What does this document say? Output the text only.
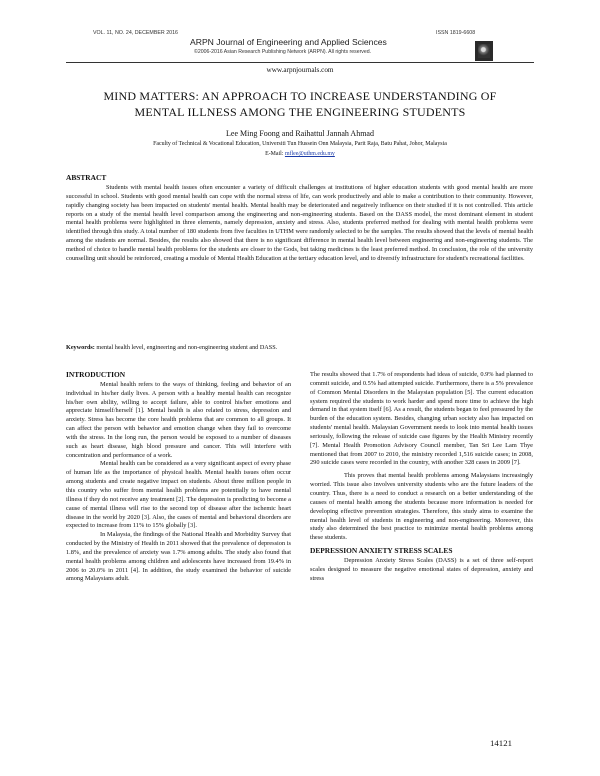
VOL. 11, NO. 24, DECEMBER 2016	ISSN 1819-6608
ARPN Journal of Engineering and Applied Sciences
©2006-2016 Asian Research Publishing Network (ARPN). All rights reserved.
www.arpnjournals.com
MIND MATTERS: AN APPROACH TO INCREASE UNDERSTANDING OF
MENTAL ILLNESS AMONG THE ENGINEERING STUDENTS
Lee Ming Foong and Raihattul Jannah Ahmad
Faculty of Technical & Vocational Education, Universiti Tun Hussein Onn Malaysia, Parit Raja, Batu Pahat, Johor, Malaysia
E-Mail: mflee@uthm.edu.my
ABSTRACT
Students with mental health issues often encounter a variety of difficult challenges at institutions of higher education students with good mental health are more successful in school. Students with good mental health can cope with the normal stress of life, can work productively and able to make a contribution to their community. However, rapidly changing society has been impacted on students' mental health. Mental health may be deteriorated and negatively influence on their studied if it is not controlled. This article reports on a study of the mental health level comparison among the engineering and non-engineering students. Based on the DASS model, the most dominant element in student mental health problems were highlighted in three elements, namely depression, anxiety and stress. Also, students preferred method for dealing with mental health problems were identified through this study. A total number of 180 students from five faculties in UTHM were randomly selected to be the samples. The results showed that the levels of mental health among the students are normal. Besides, the results also showed that there is no significant difference in mental health level between engineering and non-engineering students. The method of choice to handle mental health problems for the students are closer to the Gods, but taking medicines is the least preferred method. In conclusion, the role of the university counselling unit should be reinforced, creating a module of Mental Health Education at the tertiary education level, and to diversify infrastructure for student's recreational facilities.
Keywords: mental health level, engineering and non-engineering student and DASS.
INTRODUCTION

Mental health refers to the ways of thinking, feeling and behavior of an individual in his/her daily lives. A person with a healthy mental health can recognize his/her own ability, willing to accept failure, able to control his/her emotions and appreciate himself/herself [1]. Mental health is also related to stress, depression and anxiety. Stress has become the core health problems that are common to all groups. It can affect the person with behavior and emotion change when they fail to overcome with the stress. In the long run, the person would be exposed to a number of diseases such as heart disease, high blood pressure and cancer. This will interfere with concentration and performance of a work.

Mental health can be considered as a very significant aspect of every phase of human life as the importance of physical health. Mental health issues often occur among students and create negative impact on students. About three million people in this country who suffer from mental health problems are potentially to have mental illness if they do not receive any treatment [2]. The depression is predicting to become a cause of mental illness will rise to the second top of disease after the ischemic heart disease in the world by 2020 [3]. Also, the cases of mental and behavioral disorders are expected to increase from 11% to 15% globally [3].

In Malaysia, the findings of the National Health and Morbidity Survey that conducted by the Ministry of Health in 2011 showed that the prevalence of depression is 1.8%, and the prevalence of anxiety was 1.7% among adults. The study also found that mental health problems among children and adolescents have increased from 19.4% in 2006 to 20.0% in 2011 [4]. In addition, the study examined the behavior of suicide among Malaysians adult.

The results showed that 1.7% of respondents had ideas of suicide, 0.9% had planned to commit suicide, and 0.5% had attempted suicide. Furthermore, there is a 5% prevalence of Common Mental Disorders in the Malaysian population [5]. The current education system required the students to work harder and spend more time to achieve the high demand in that system itself [6]. As a result, the students began to feel pressured by the burden of the education system. Besides, changing urban society also has impacted on students' mental health. Malaysian Government needs to look into mental health issues seriously, following the release of suicide case figures by the Health Ministry recently [7]. Mental Health Promotion Advisory Council member, Tan Sri Lee Lam Thye mentioned that from 2007 to 2010, the ministry recorded 1,516 suicide cases; in 2008, 290 suicide cases were recorded in the country, with another 328 cases in 2009 [7].

This proves that mental health problems among Malaysians increasingly worried. This issue also involves university students who are the future leaders of the country. Thus, there is a need to conduct a research on a better understanding of the causes of mental health among the students because more information is needed for developing effective prevention strategies. Therefore, this study aims to examine the mental health level of students in engineering and non-engineering. Moreover, this study also determined the best practice to minimize mental health problems among these students.

DEPRESSION ANXIETY STRESS SCALES

Depression Anxiety Stress Scales (DASS) is a set of three self-report scales designed to measure the negative emotional states of depression, anxiety and stress

14121
